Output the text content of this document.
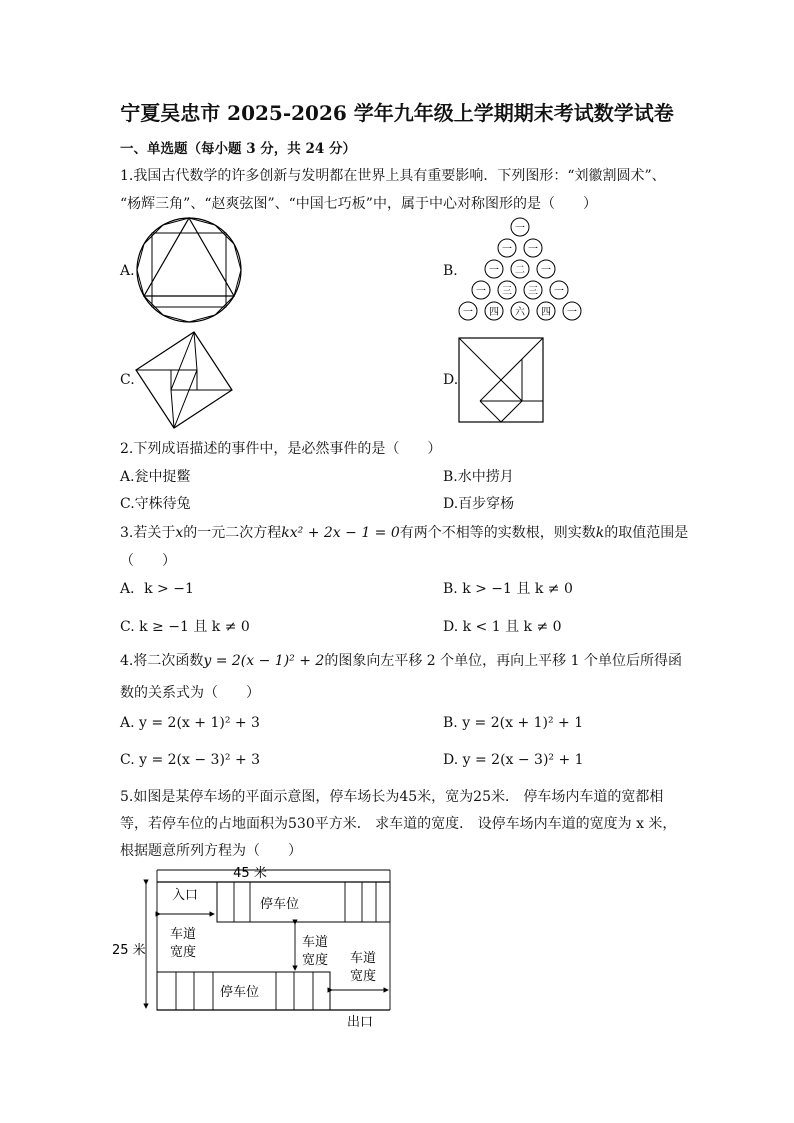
宁夏吴忠市 2025-2026 学年九年级上学期期末考试数学试卷
一、单选题（每小题 3 分，共 24 分）
1.我国古代数学的许多创新与发明都在世界上具有重要影响．下列图形：“刘徽割圆术”、
“杨辉三角”、“赵爽弦图”、“中国七巧板”中，属于中心对称图形的是（　　）
A.	B.
一
一 一
一 二 一
一 三 三 一
一 四 六 四 一
C.	D.
2.下列成语描述的事件中，是必然事件的是（　　）
A.瓮中捉鳖	B.水中捞月
C.守株待兔	D.百步穿杨
3.若关于x的一元二次方程kx² + 2x − 1 = 0有两个不相等的实数根，则实数k的取值范围是
（　　）
A．k > −1	B. k > −1 且 k ≠ 0
C. k ≥ −1 且 k ≠ 0	D. k < 1 且 k ≠ 0
4.将二次函数y = 2(x − 1)² + 2的图象向左平移 2 个单位，再向上平移 1 个单位后所得函
数的关系式为（　　）
A. y = 2(x + 1)² + 3	B. y = 2(x + 1)² + 1
C. y = 2(x − 3)² + 3	D. y = 2(x − 3)² + 1
5.如图是某停车场的平面示意图，停车场长为45米，宽为25米． 停车场内车道的宽都相
等，若停车位的占地面积为530平方米． 求车道的宽度． 设停车场内车道的宽度为 x 米，
根据题意所列方程为（　　）
45 米
25 米
入口
停车位
车道
宽度
车道
宽度
停车位
车道
宽度
出口
